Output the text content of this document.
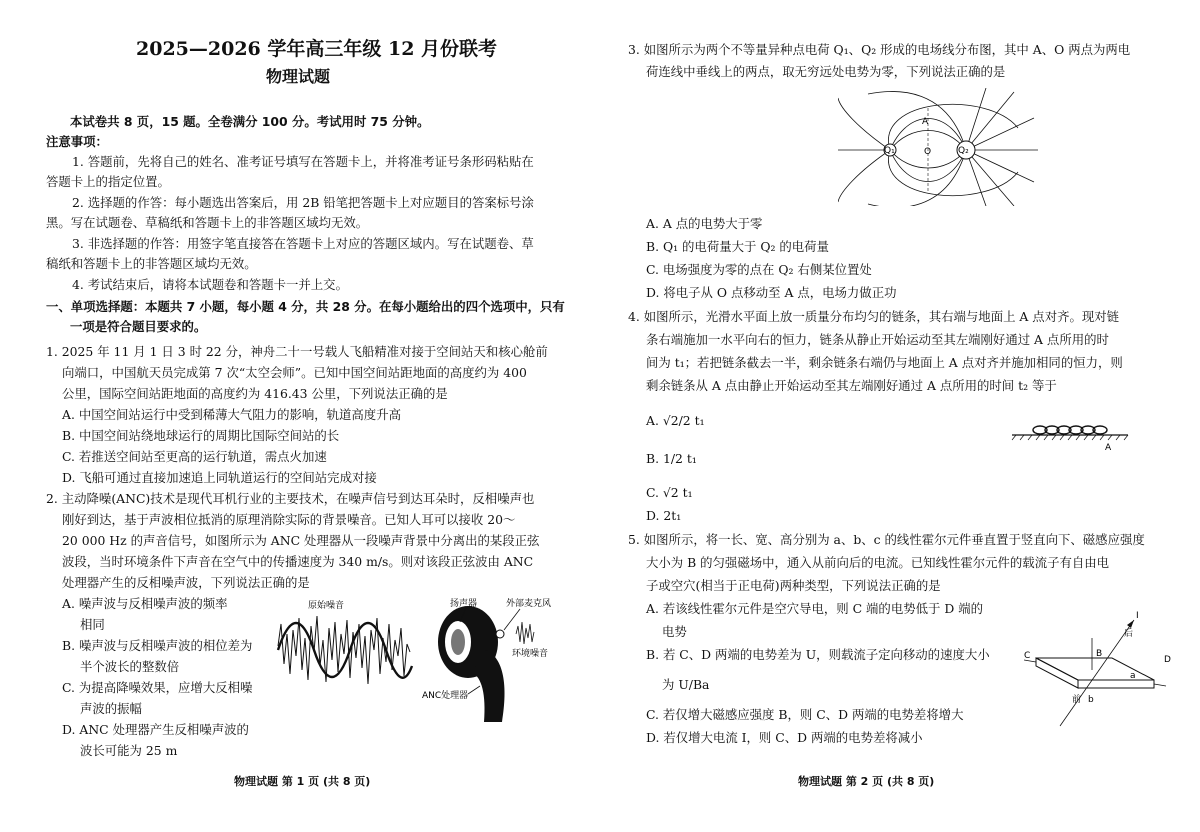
2025—2026 学年高三年级 12 月份联考
物理试题
本试卷共 8 页，15 题。全卷满分 100 分。考试用时 75 分钟。
注意事项：
1. 答题前，先将自己的姓名、准考证号填写在答题卡上，并将准考证号条形码粘贴在
答题卡上的指定位置。
2. 选择题的作答：每小题选出答案后，用 2B 铅笔把答题卡上对应题目的答案标号涂
黑。写在试题卷、草稿纸和答题卡上的非答题区域均无效。
3. 非选择题的作答：用签字笔直接答在答题卡上对应的答题区域内。写在试题卷、草
稿纸和答题卡上的非答题区域均无效。
4. 考试结束后，请将本试题卷和答题卡一并上交。
一、单项选择题：本题共 7 小题，每小题 4 分，共 28 分。在每小题给出的四个选项中，只有
一项是符合题目要求的。
1. 2025 年 11 月 1 日 3 时 22 分，神舟二十一号载人飞船精准对接于空间站天和核心舱前
向端口，中国航天员完成第 7 次“太空会师”。已知中国空间站距地面的高度约为 400
公里，国际空间站距地面的高度约为 416.43 公里，下列说法正确的是
A. 中国空间站运行中受到稀薄大气阻力的影响，轨道高度升高
B. 中国空间站绕地球运行的周期比国际空间站的长
C. 若推送空间站至更高的运行轨道，需点火加速
D. 飞船可通过直接加速追上同轨道运行的空间站完成对接
2. 主动降噪(ANC)技术是现代耳机行业的主要技术，在噪声信号到达耳朵时，反相噪声也
刚好到达，基于声波相位抵消的原理消除实际的背景噪音。已知人耳可以接收 20～
20 000 Hz 的声音信号，如图所示为 ANC 处理器从一段噪声背景中分离出的某段正弦
波段，当时环境条件下声音在空气中的传播速度为 340 m/s。则对该段正弦波由 ANC
处理器产生的反相噪声波，下列说法正确的是
A. 噪声波与反相噪声波的频率
相同
B. 噪声波与反相噪声波的相位差为
半个波长的整数倍
C. 为提高降噪效果，应增大反相噪
声波的振幅
D. ANC 处理器产生反相噪声波的
波长可能为 25 m
原始噪音	扬声器	外部麦克风
环境噪音
ANC处理器
物理试题 第 1 页 (共 8 页)
3. 如图所示为两个不等量异种点电荷 Q₁、Q₂ 形成的电场线分布图，其中 A、O 两点为两电
荷连线中垂线上的两点，取无穷远处电势为零，下列说法正确的是
Q₁	Q₂
O
A
A. A 点的电势大于零
B. Q₁ 的电荷量大于 Q₂ 的电荷量
C. 电场强度为零的点在 Q₂ 右侧某位置处
D. 将电子从 O 点移动至 A 点，电场力做正功
4. 如图所示，光滑水平面上放一质量分布均匀的链条，其右端与地面上 A 点对齐。现对链
条右端施加一水平向右的恒力，链条从静止开始运动至其左端刚好通过 A 点所用的时
间为 t₁；若把链条截去一半，剩余链条右端仍与地面上 A 点对齐并施加相同的恒力，则
剩余链条从 A 点由静止开始运动至其左端刚好通过 A 点所用的时间 t₂ 等于
A. √2/2 t₁
B. 1/2 t₁
C. √2 t₁
D. 2t₁
A
5. 如图所示，将一长、宽、高分别为 a、b、c 的线性霍尔元件垂直置于竖直向下、磁感应强度
大小为 B 的匀强磁场中，通入从前向后的电流。已知线性霍尔元件的载流子有自由电
子或空穴(相当于正电荷)两种类型，下列说法正确的是
A. 若该线性霍尔元件是空穴导电，则 C 端的电势低于 D 端的
电势
B. 若 C、D 两端的电势差为 U，则载流子定向移动的速度大小
为 U/Ba
C. 若仅增大磁感应强度 B，则 C、D 两端的电势差将增大
D. 若仅增大电流 I，则 C、D 两端的电势差将减小
I
后
B
C	D
a
前 b
物理试题 第 2 页 (共 8 页)
